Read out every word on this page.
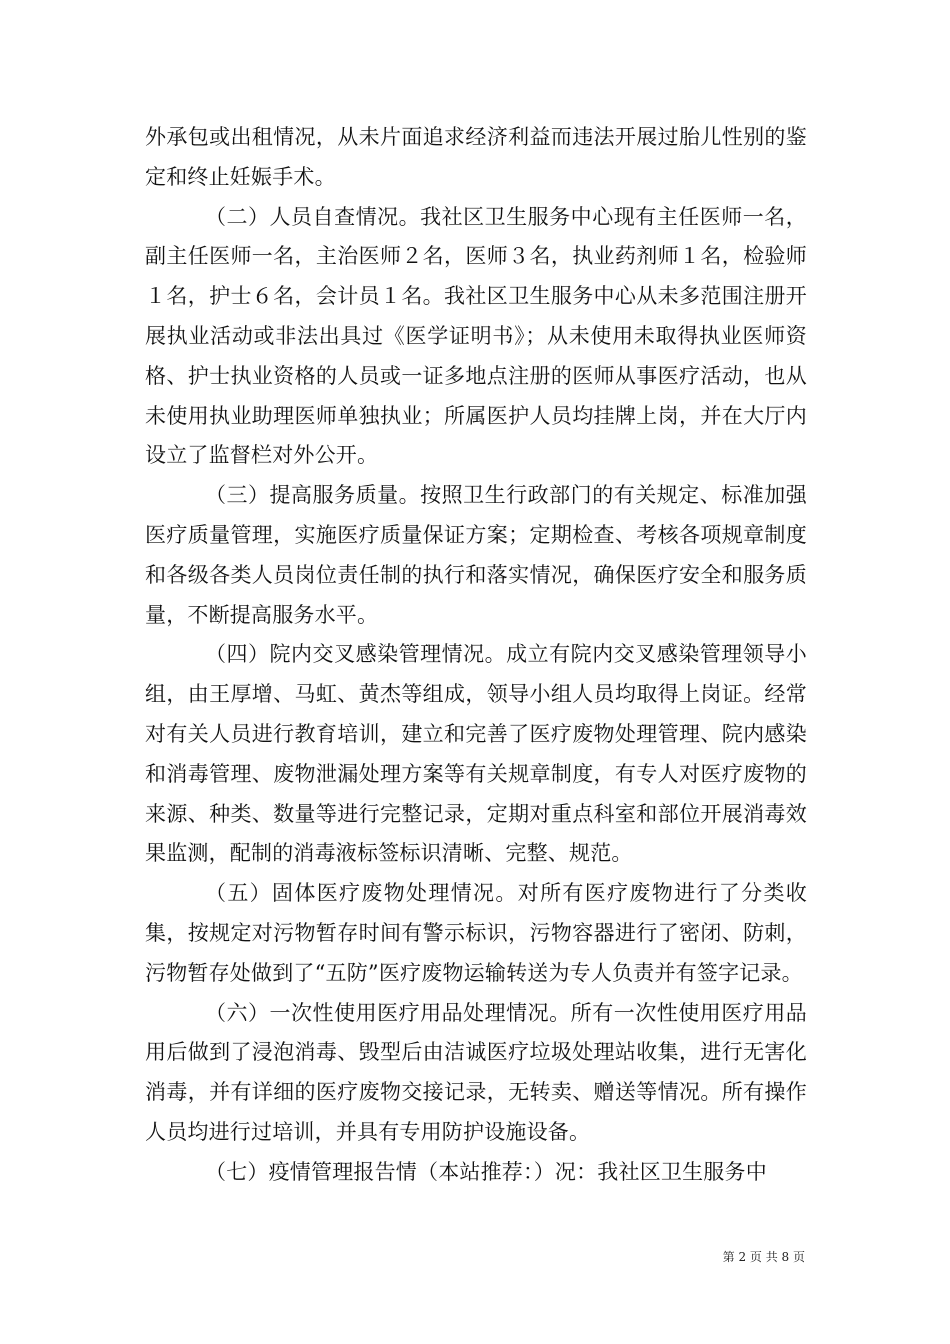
外承包或出租情况，从未片面追求经济利益而违法开展过胎儿性别的鉴定和终止妊娠手术。

（二）人员自查情况。我社区卫生服务中心现有主任医师一名，副主任医师一名，主治医师２名，医师３名，执业药剂师１名，检验师１名，护士６名，会计员１名。我社区卫生服务中心从未多范围注册开展执业活动或非法出具过《医学证明书》；从未使用未取得执业医师资格、护士执业资格的人员或一证多地点注册的医师从事医疗活动，也从未使用执业助理医师单独执业；所属医护人员均挂牌上岗，并在大厅内设立了监督栏对外公开。

（三）提高服务质量。按照卫生行政部门的有关规定、标准加强医疗质量管理，实施医疗质量保证方案；定期检查、考核各项规章制度和各级各类人员岗位责任制的执行和落实情况，确保医疗安全和服务质量，不断提高服务水平。

（四）院内交叉感染管理情况。成立有院内交叉感染管理领导小组，由王厚增、马虹、黄杰等组成，领导小组人员均取得上岗证。经常对有关人员进行教育培训，建立和完善了医疗废物处理管理、院内感染和消毒管理、废物泄漏处理方案等有关规章制度，有专人对医疗废物的来源、种类、数量等进行完整记录，定期对重点科室和部位开展消毒效果监测，配制的消毒液标签标识清晰、完整、规范。

（五）固体医疗废物处理情况。对所有医疗废物进行了分类收集，按规定对污物暂存时间有警示标识，污物容器进行了密闭、防刺，污物暂存处做到了“五防”医疗废物运输转送为专人负责并有签字记录。

（六）一次性使用医疗用品处理情况。所有一次性使用医疗用品用后做到了浸泡消毒、毁型后由洁诚医疗垃圾处理站收集，进行无害化消毒，并有详细的医疗废物交接记录，无转卖、赠送等情况。所有操作人员均进行过培训，并具有专用防护设施设备。

（七）疫情管理报告情（本站推荐：）况：我社区卫生服务中

第 2 页 共 8 页
